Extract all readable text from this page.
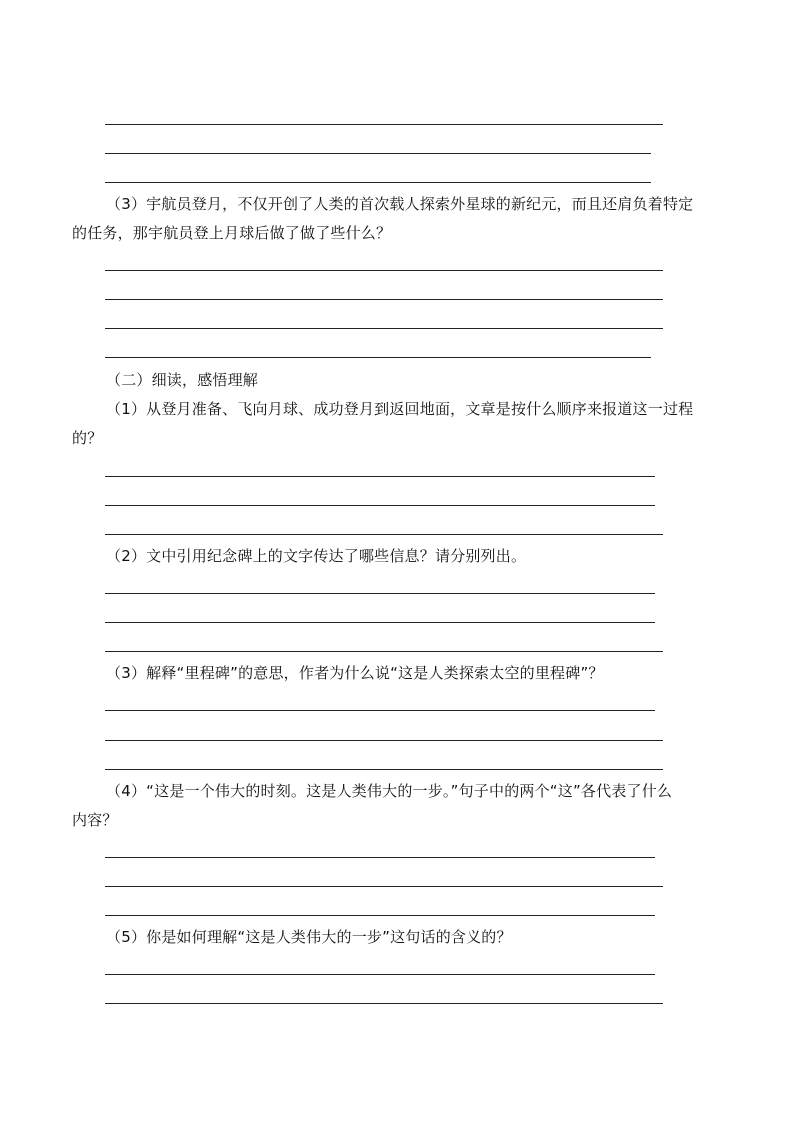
（3）宇航员登月，不仅开创了人类的首次载人探索外星球的新纪元，而且还肩负着特定
的任务，那宇航员登上月球后做了做了些什么？
（二）细读，感悟理解
（1）从登月准备、飞向月球、成功登月到返回地面，文章是按什么顺序来报道这一过程
的？
（2）文中引用纪念碑上的文字传达了哪些信息？请分别列出。
（3）解释“里程碑”的意思，作者为什么说“这是人类探索太空的里程碑”？
（4）“这是一个伟大的时刻。这是人类伟大的一步。”句子中的两个“这”各代表了什么
内容？
（5）你是如何理解“这是人类伟大的一步”这句话的含义的？
